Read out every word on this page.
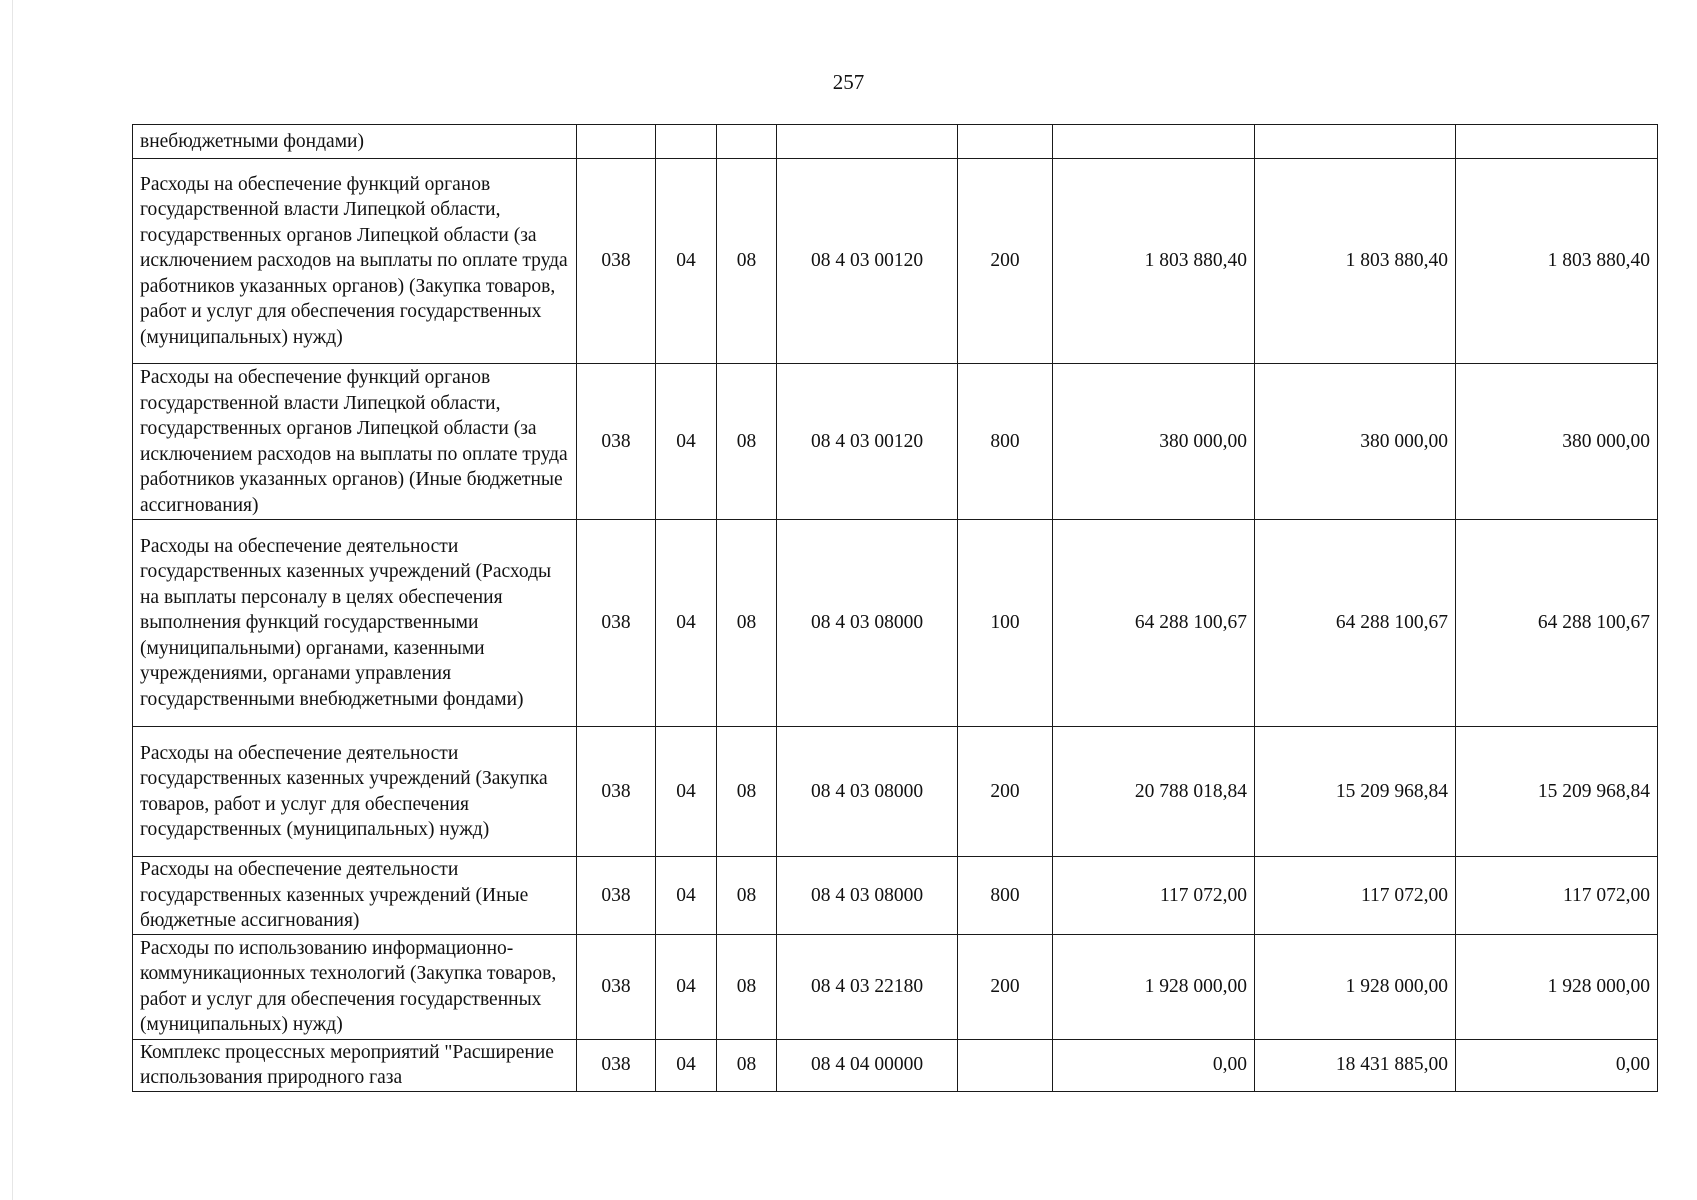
257
внебюджетными фондами)								
Расходы на обеспечение функций органов государственной власти Липецкой области, государственных органов Липецкой области (за исключением расходов на выплаты по оплате труда работников указанных органов) (Закупка товаров, работ и услуг для обеспечения государственных (муниципальных) нужд)	038	04	08	08 4 03 00120	200	1 803 880,40	1 803 880,40	1 803 880,40
Расходы на обеспечение функций органов государственной власти Липецкой области, государственных органов Липецкой области (за исключением расходов на выплаты по оплате труда работников указанных органов) (Иные бюджетные ассигнования)	038	04	08	08 4 03 00120	800	380 000,00	380 000,00	380 000,00
Расходы на обеспечение деятельности государственных казенных учреждений (Расходы на выплаты персоналу в целях обеспечения выполнения функций государственными (муниципальными) органами, казенными учреждениями, органами управления государственными внебюджетными фондами)	038	04	08	08 4 03 08000	100	64 288 100,67	64 288 100,67	64 288 100,67
Расходы на обеспечение деятельности государственных казенных учреждений (Закупка товаров, работ и услуг для обеспечения государственных (муниципальных) нужд)	038	04	08	08 4 03 08000	200	20 788 018,84	15 209 968,84	15 209 968,84
Расходы на обеспечение деятельности государственных казенных учреждений (Иные бюджетные ассигнования)	038	04	08	08 4 03 08000	800	117 072,00	117 072,00	117 072,00
Расходы по использованию информационно-коммуникационных технологий (Закупка товаров, работ и услуг для обеспечения государственных (муниципальных) нужд)	038	04	08	08 4 03 22180	200	1 928 000,00	1 928 000,00	1 928 000,00
Комплекс процессных мероприятий "Расширение использования природного газа	038	04	08	08 4 04 00000		0,00	18 431 885,00	0,00
